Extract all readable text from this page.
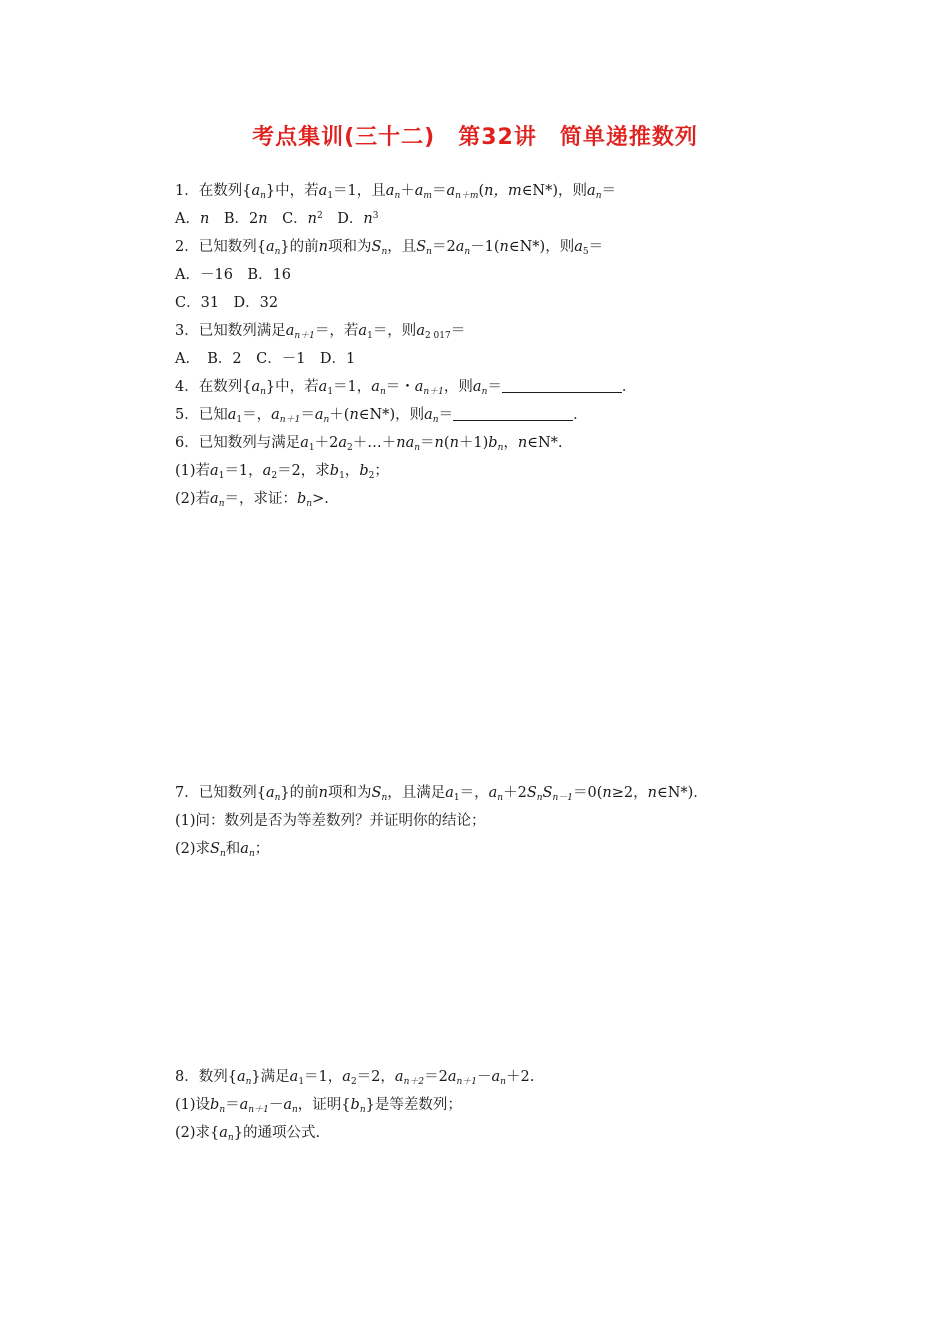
考点集训(三十二)　第32讲　简单递推数列
1．在数列$\{a_n\}$中，若$a_1=1$，且$a_n+a_m=a_{n+m}(n$，m∈N*)，则$a_n=$
A．n　 B．2n　 C．$n^2$　 D．$n^3$
2．已知数列$\{a_n\}$的前n项和为$S_n$，且$S_n=2a_n-1(n\in N*)$，则$a_5=$
A．－16　B．16
C．31　D．32
3．已知数列满足$a_{n+1}=$，若$a_1=$，则$a_{2 017}=$
A．　B．2　C．－1　D．1
4．在数列$\{a_n\}$中，若$a_1=1$，$a_n=$・$a_{n+1}$，则$a_n=$	．
5．已知$a_1=$，$a_{n+1}=a_n+(n\in N*)$，则$a_n=$	．
6．已知数列与满足$a_1+2a_2+\dots+na_n=n(n+1)b_n$，n∈N*.
(1)若$a_1=1$，$a_2=2$，求$b_1$，$b_2$；
(2)若$a_n=$，求证：$b_n>$.
7．已知数列$\{a_n\}$的前n项和为$S_n$，且满足$a_1=$，$a_n+2S_nS_{n-1}=0(n\ge 2$，n∈N*)．
(1)问：数列是否为等差数列？并证明你的结论；
(2)求$S_n$和$a_n$；
8．数列$\{a_n\}$满足$a_1=1$，$a_2=2$，$a_{n+2}=2a_{n+1}-a_n+2$.
(1)设$b_n=a_{n+1}-a_n$，证明$\{b_n\}$是等差数列；
(2)求$\{a_n\}$的通项公式.
